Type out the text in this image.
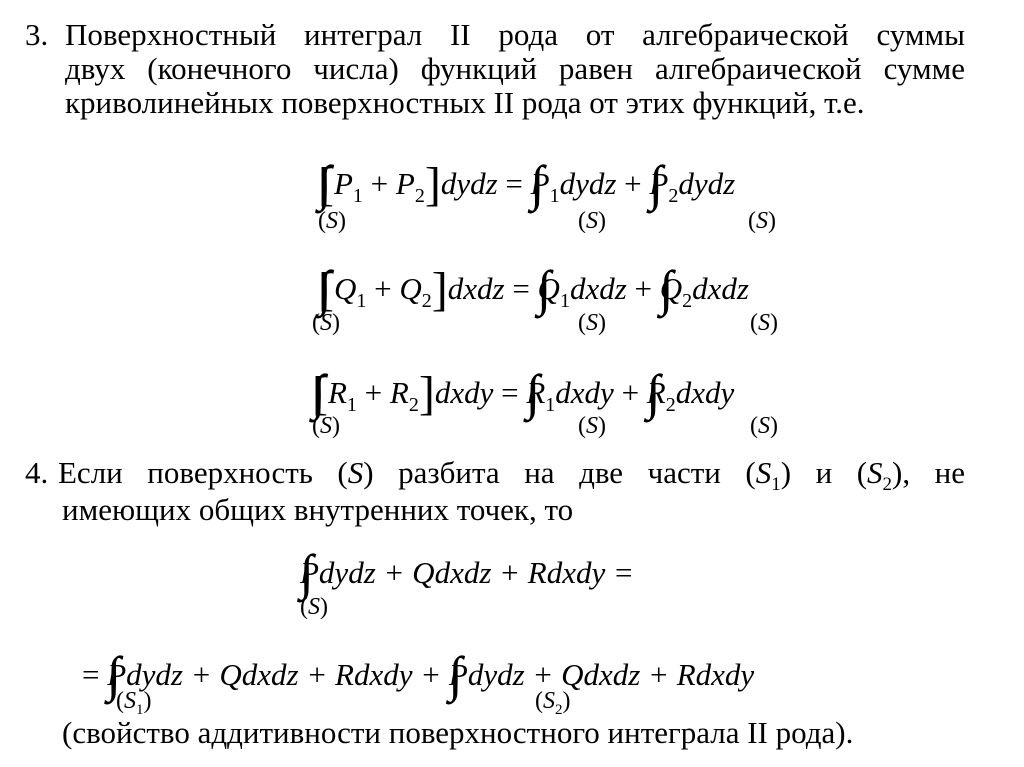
3. Поверхностный интеграл II рода от алгебраической суммы
двух (конечного числа) функций равен алгебраической сумме
криволинейных поверхностных II рода от этих функций, т.е.
[$P_1$ + $P_2]dydz$ = $P_1dydz$ + $P_2dydz$
(S)	(S)	(S)
[$Q_1$ + $Q_2]dxdz$ = $Q_1dxdz$ + $Q_2dxdz$
(S)	(S)	(S)
[$R_1$ + $R_2]dxdy$ = $R_1dxdy$ + $R_2dxdy$
(S)	(S)	(S)
4. Если поверхность (S) разбита на две части $(S_1)$ и $(S_2)$, не
имеющих общих внутренних точек, то
Pdydz + Qdxdz + Rdxdy =
(S)
= Pdydz + Qdxdz + Rdxdy + Pdydz + Qdxdz + Rdxdy
$(S_1)$	$(S_2)$
(свойство аддитивности поверхностного интеграла II рода).
